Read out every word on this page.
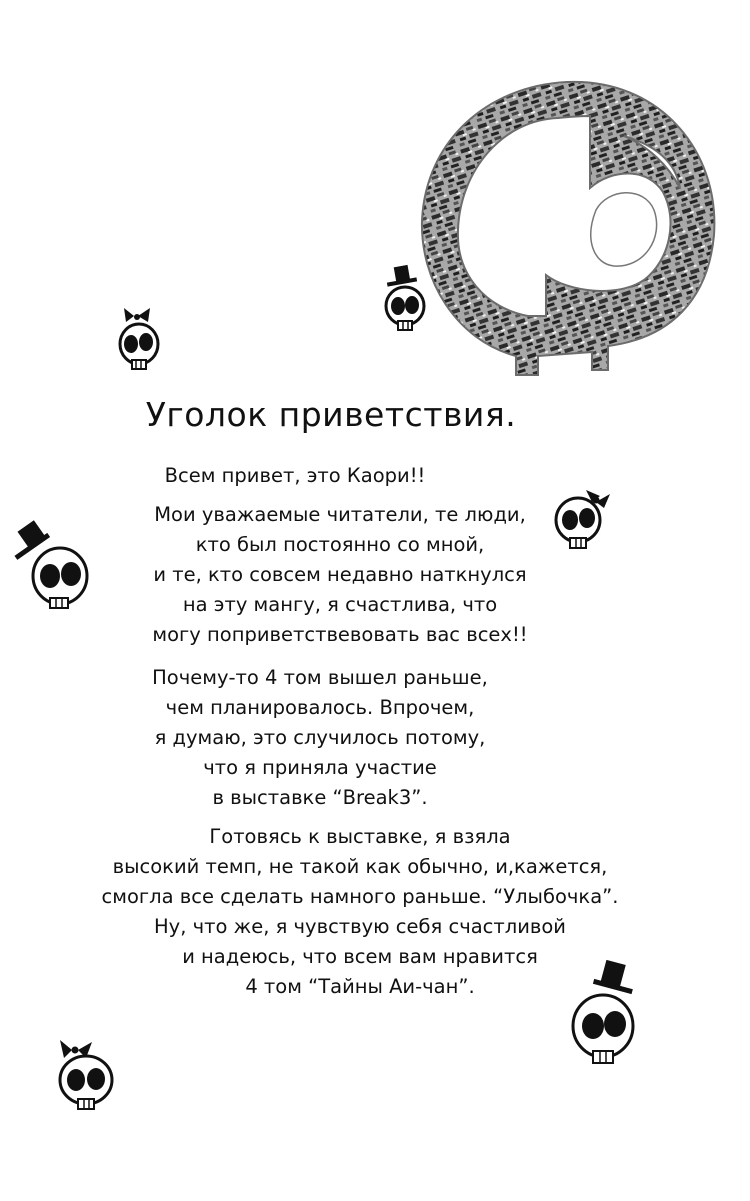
Уголок приветствия.
Всем привет, это Каори!!
Мои уважаемые читатели, те люди,
кто был постоянно со мной,
и те, кто совсем недавно наткнулся
на эту мангу, я счастлива, что
могу поприветствевовать вас всех!!
Почему-то 4 том вышел раньше,
чем планировалось. Впрочем,
я думаю, это случилось потому,
что я приняла участие
в выставке “Break3”.
Готовясь к выставке, я взяла
высокий темп, не такой как обычно, и,кажется,
смогла все сделать намного раньше. “Улыбочка”.
Ну, что же, я чувствую себя счастливой
и надеюсь, что всем вам нравится
4 том “Тайны Аи-чан”.
